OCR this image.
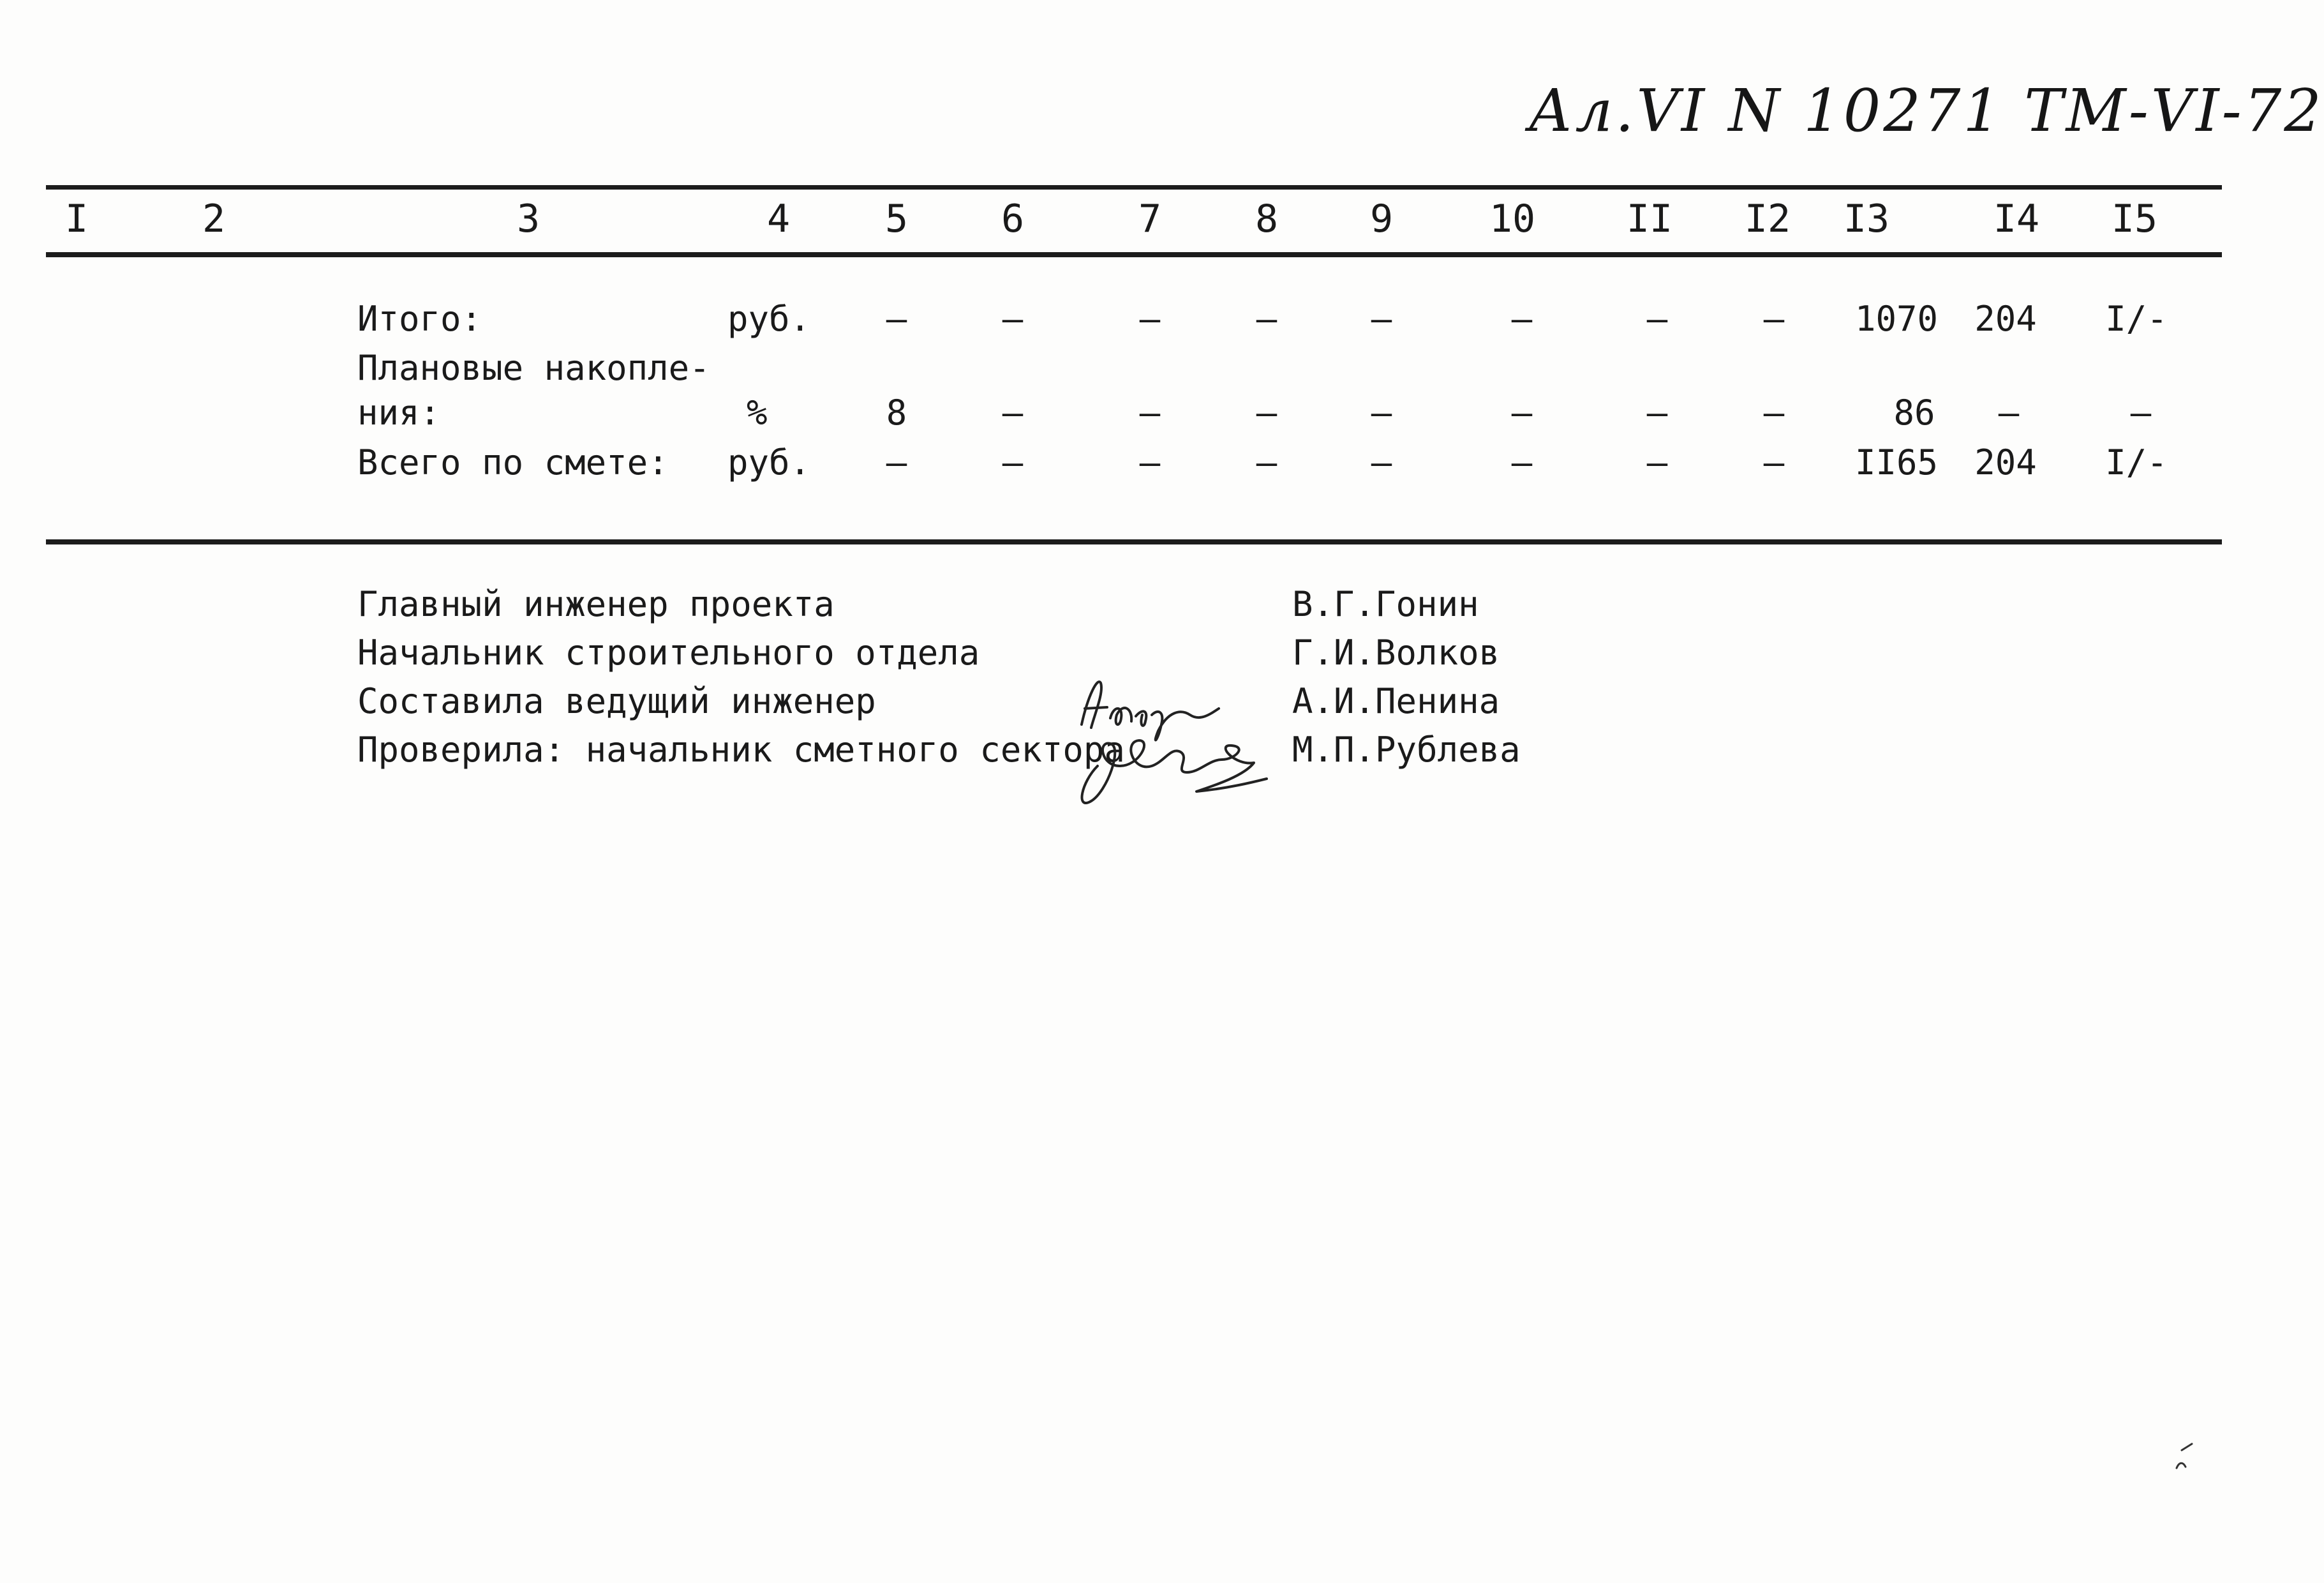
Ал.VI N 10271 TМ-VI-72
I	2	3	4 5 6	7 8 9	10 II I2 I3	I4 I5
Итого:	руб. —	—	—	—	—	—	—	— 1070 204 I/-
Плановые накопле-
ния:	%	8	—	—	—	—	—	—	—	86 —	—
Всего по смете: руб. —	—	—	—	—	—	—	— II65 204 I/-
Главный инженер проекта	В.Г.Гонин
Начальник строительного отдела	Г.И.Волков
Составила ведущий инженер	А.И.Пенина
Проверила: начальник сметного сектора	М.П.Рублева
